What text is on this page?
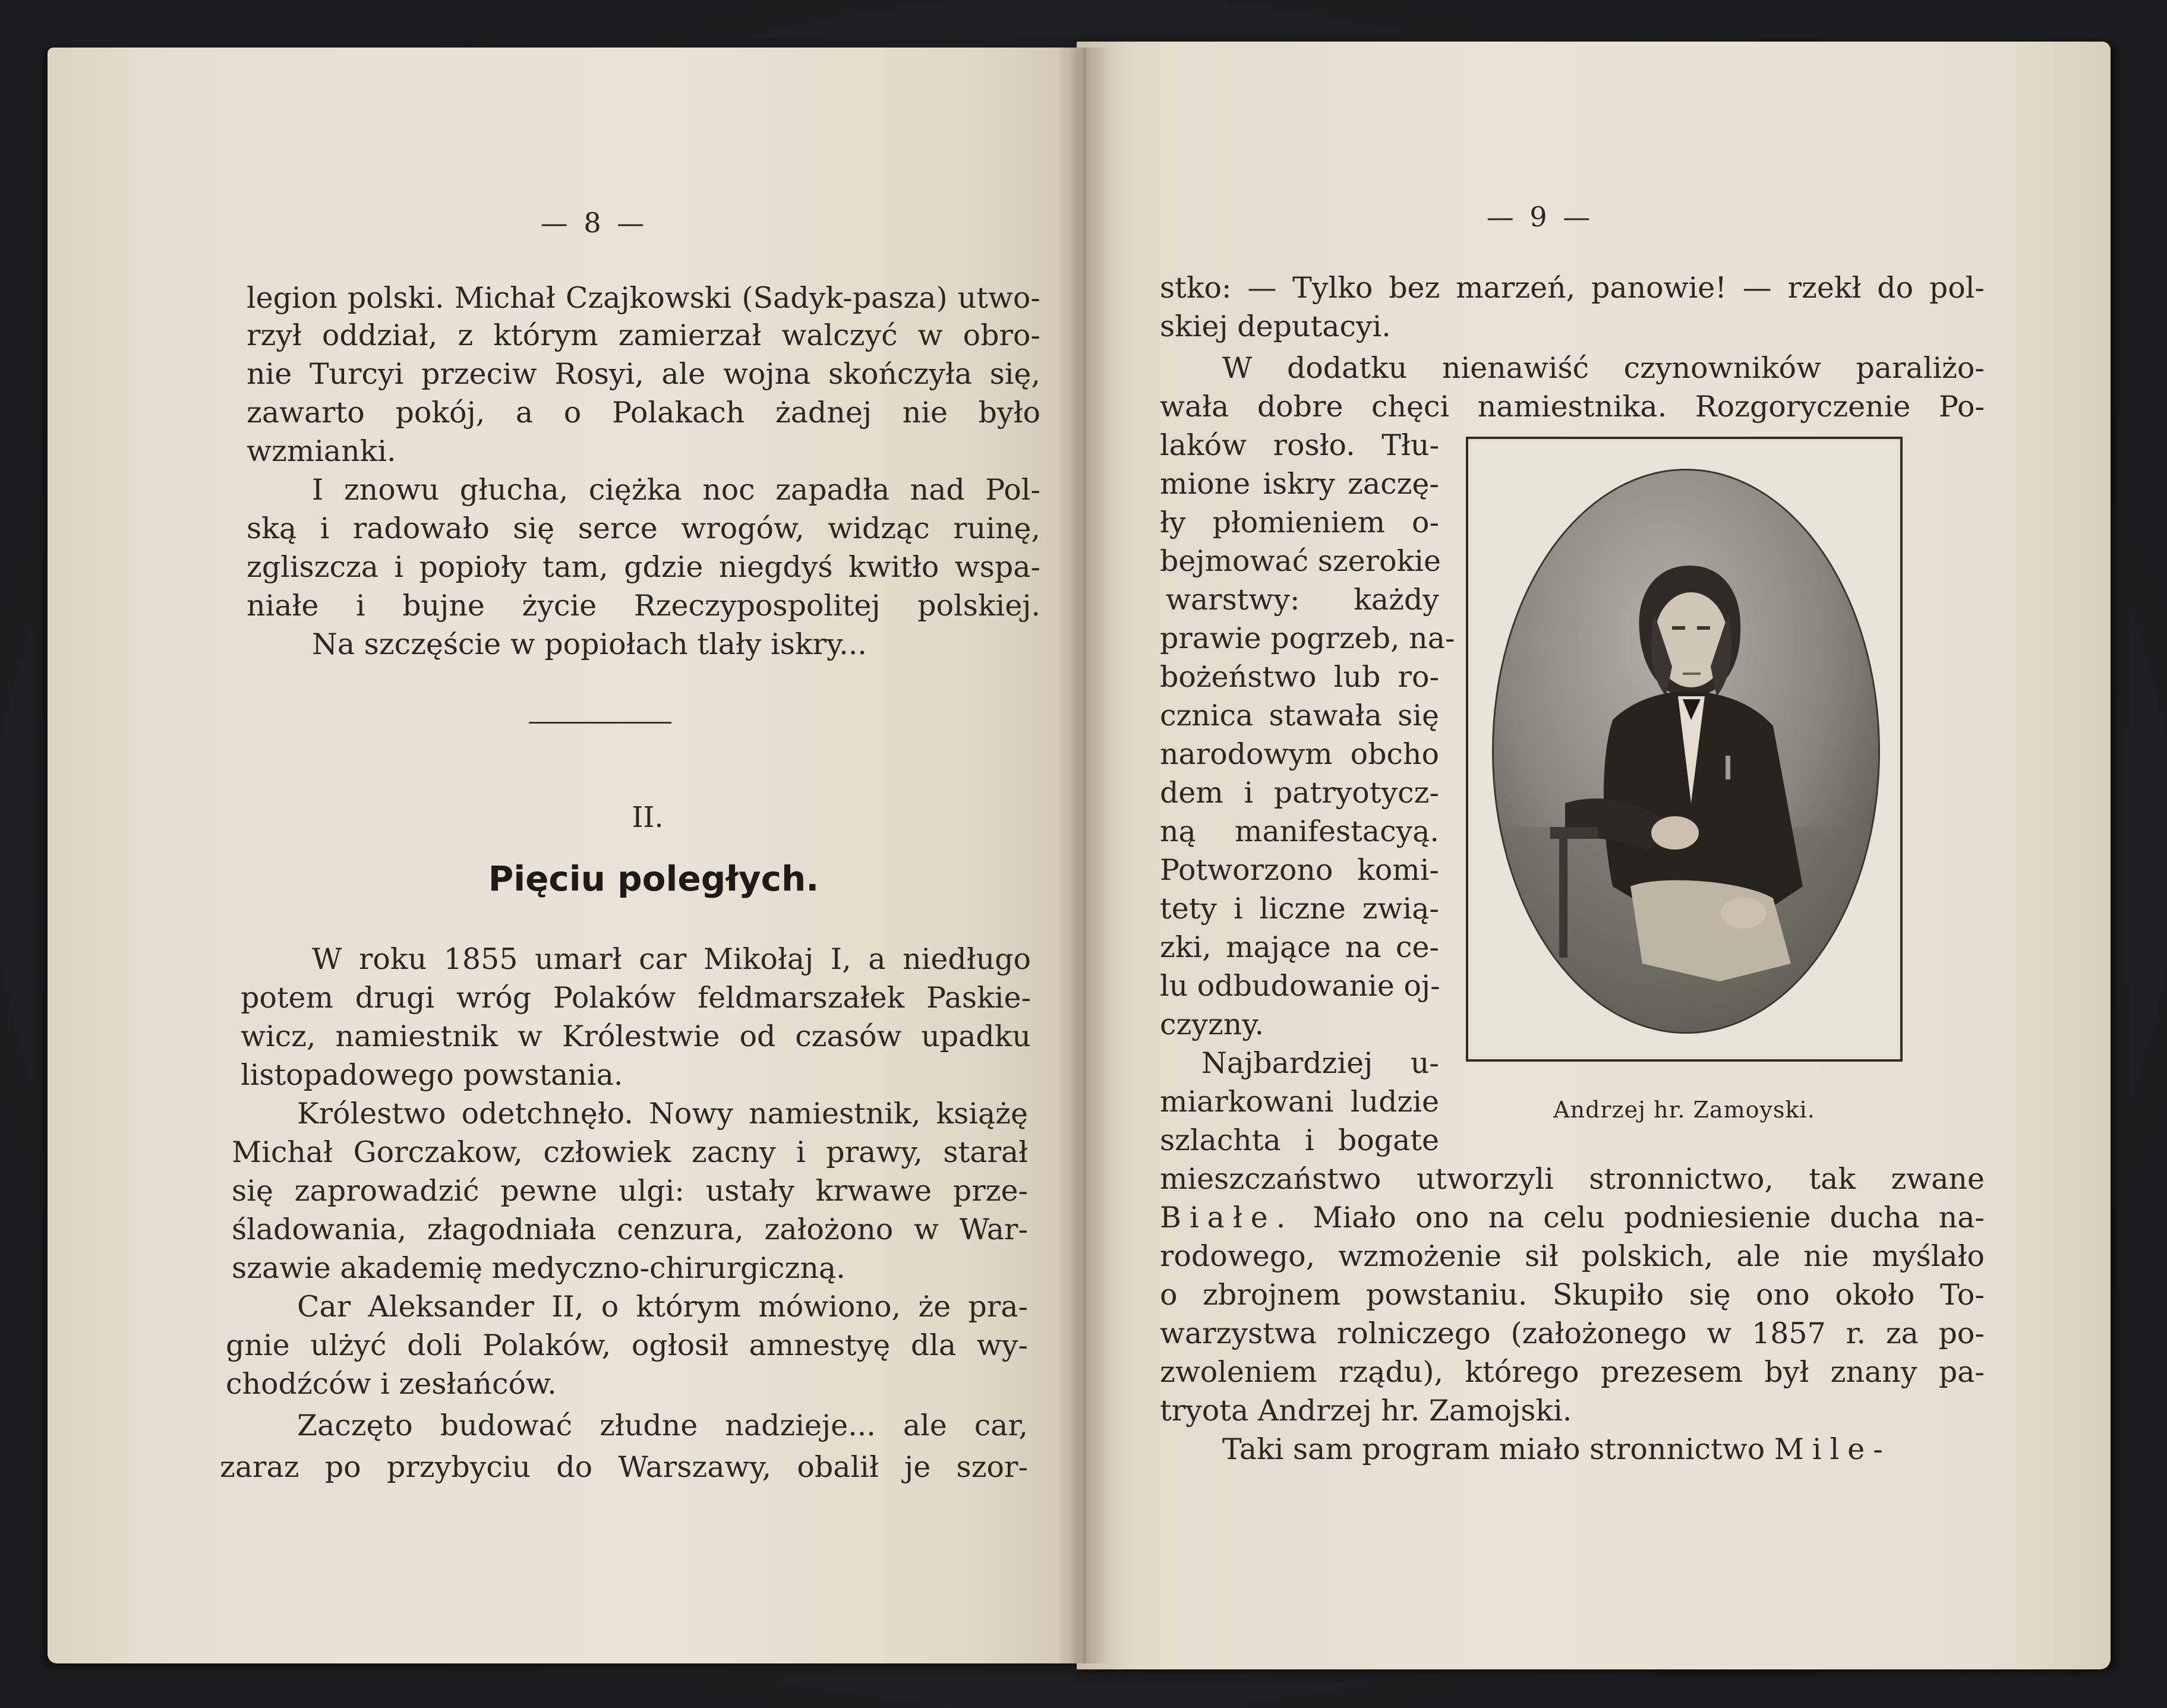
— 8 —
legion polski. Michał Czajkowski (Sadyk-pasza) utwo-
rzył oddział, z którym zamierzał walczyć w obro-
nie Turcyi przeciw Rosyi, ale wojna skończyła się,
zawarto pokój, a o Polakach żadnej nie było
wzmianki.
I znowu głucha, ciężka noc zapadła nad Pol-
ską i radowało się serce wrogów, widząc ruinę,
zgliszcza i popioły tam, gdzie niegdyś kwitło wspa-
niałe i bujne życie Rzeczypospolitej polskiej.
Na szczęście w popiołach tlały iskry...
II.
Pięciu poległych.
W roku 1855 umarł car Mikołaj I, a niedługo
potem drugi wróg Polaków feldmarszałek Paskie-
wicz, namiestnik w Królestwie od czasów upadku
listopadowego powstania.
Królestwo odetchnęło. Nowy namiestnik, książę
Michał Gorczakow, człowiek zacny i prawy, starał
się zaprowadzić pewne ulgi: ustały krwawe prze-
śladowania, złagodniała cenzura, założono w War-
szawie akademię medyczno-chirurgiczną.
Car Aleksander II, o którym mówiono, że pra-
gnie ulżyć doli Polaków, ogłosił amnestyę dla wy-
chodźców i zesłańców.
Zaczęto budować złudne nadzieje... ale car,
zaraz po przybyciu do Warszawy, obalił je szor-
— 9 —
stko: — Tylko bez marzeń, panowie! — rzekł do pol-
skiej deputacyi.
W dodatku nienawiść czynowników paraliżo-
wała dobre chęci namiestnika. Rozgoryczenie Po-
laków rosło. Tłu-
mione iskry zaczę-
ły płomieniem o-
bejmować szerokie
warstwy: każdy
prawie pogrzeb, na-
bożeństwo lub ro-
cznica stawała się
narodowym obcho
dem i patryotycz-
ną manifestacyą.
Potworzono komi-
tety i liczne zwią-
zki, mające na ce-
lu odbudowanie oj-
czyzny.
Najbardziej u-
miarkowani ludzie
szlachta i bogate
Andrzej hr. Zamoyski.
mieszczaństwo utworzyli stronnictwo, tak zwane
Białe. Miało ono na celu podniesienie ducha na-
rodowego, wzmożenie sił polskich, ale nie myślało
o zbrojnem powstaniu. Skupiło się ono około To-
warzystwa rolniczego (założonego w 1857 r. za po-
zwoleniem rządu), którego prezesem był znany pa-
tryota Andrzej hr. Zamojski.
Taki sam program miało stronnictwo Mile-
